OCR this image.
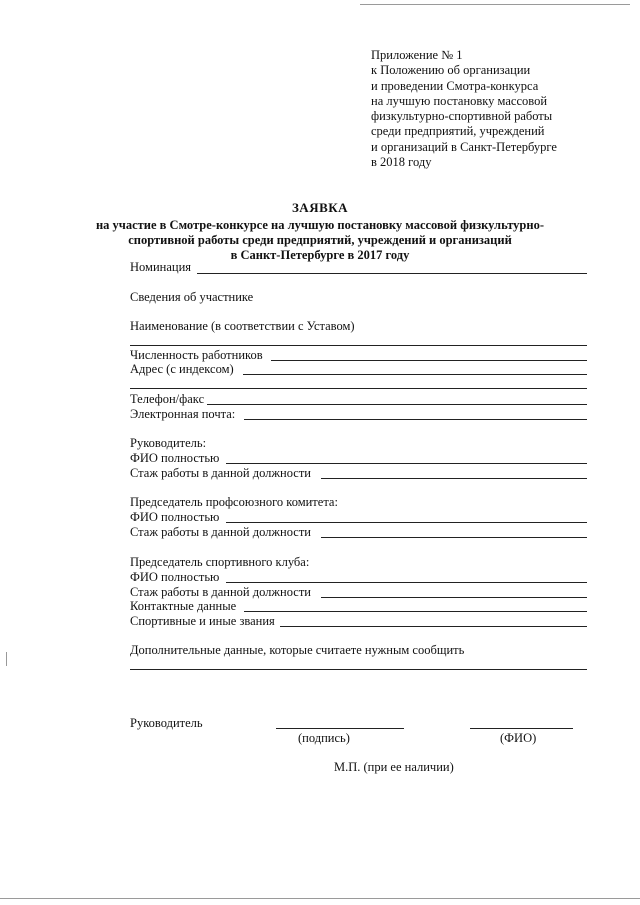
Приложение № 1
к Положению об организации
и проведении Смотра-конкурса
на лучшую постановку массовой
физкультурно-спортивной работы
среди предприятий, учреждений
и организаций в Санкт-Петербурге
в 2018 году
ЗАЯВКА
на участие в Смотре-конкурсе на лучшую постановку массовой физкультурно-
спортивной работы среди предприятий, учреждений и организаций
в Санкт-Петербурге в 2017 году
Номинация
Сведения об участнике
Наименование (в соответствии с Уставом)
Численность работников
Адрес (с индексом)
Телефон/факс
Электронная почта:
Руководитель:
ФИО полностью
Стаж работы в данной должности
Председатель профсоюзного комитета:
ФИО полностью
Стаж работы в данной должности
Председатель спортивного клуба:
ФИО полностью
Стаж работы в данной должности
Контактные данные
Спортивные и иные звания
Дополнительные данные, которые считаете нужным сообщить
Руководитель
(подпись)	(ФИО)
М.П. (при ее наличии)
